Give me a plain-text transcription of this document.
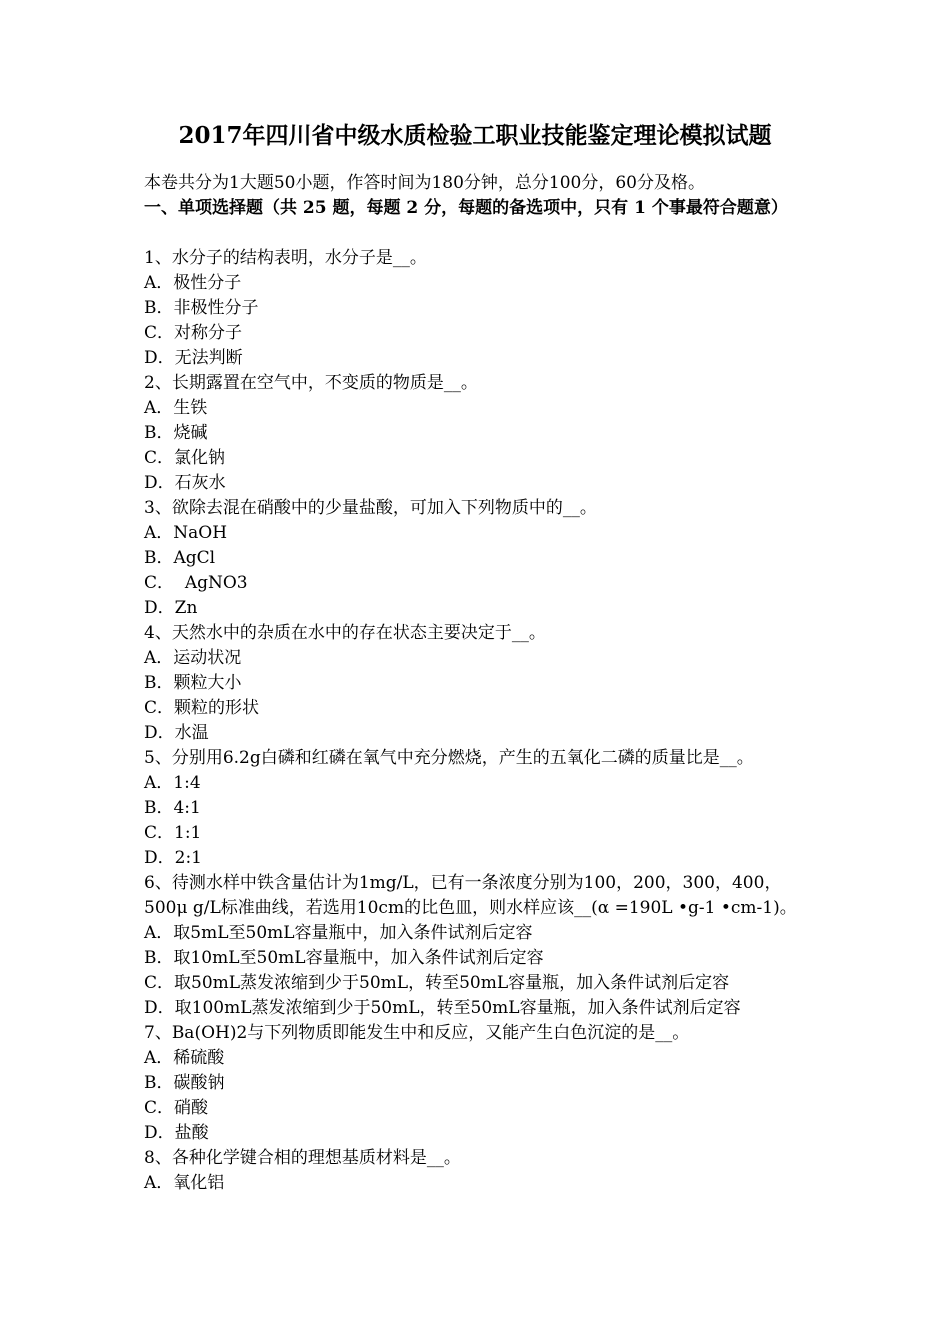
2017年四川省中级水质检验工职业技能鉴定理论模拟试题
本卷共分为1大题50小题，作答时间为180分钟，总分100分，60分及格。
一、单项选择题（共 25 题，每题 2 分，每题的备选项中，只有 1 个事最符合题意）
1、水分子的结构表明，水分子是__。
A．极性分子
B．非极性分子
C．对称分子
D．无法判断
2、长期露置在空气中，不变质的物质是__。
A．生铁
B．烧碱
C．氯化钠
D．石灰水
3、欲除去混在硝酸中的少量盐酸，可加入下列物质中的__。
A．NaOH
B．AgCl
C．  AgNO3
D．Zn
4、天然水中的杂质在水中的存在状态主要决定于__。
A．运动状况
B．颗粒大小
C．颗粒的形状
D．水温
5、分别用6.2g白磷和红磷在氧气中充分燃烧，产生的五氧化二磷的质量比是__。
A．1:4
B．4:1
C．1:1
D．2:1
6、待测水样中铁含量估计为1mg/L，已有一条浓度分别为100，200，300，400，500μ g/L标准曲线，若选用10cm的比色皿，则水样应该__(α =190L •g-1 •cm-1)。
A．取5mL至50mL容量瓶中，加入条件试剂后定容
B．取10mL至50mL容量瓶中，加入条件试剂后定容
C．取50mL蒸发浓缩到少于50mL，转至50mL容量瓶，加入条件试剂后定容
D．取100mL蒸发浓缩到少于50mL，转至50mL容量瓶，加入条件试剂后定容
7、Ba(OH)2与下列物质即能发生中和反应，又能产生白色沉淀的是__。
A．稀硫酸
B．碳酸钠
C．硝酸
D．盐酸
8、各种化学键合相的理想基质材料是__。
A．氧化铝
